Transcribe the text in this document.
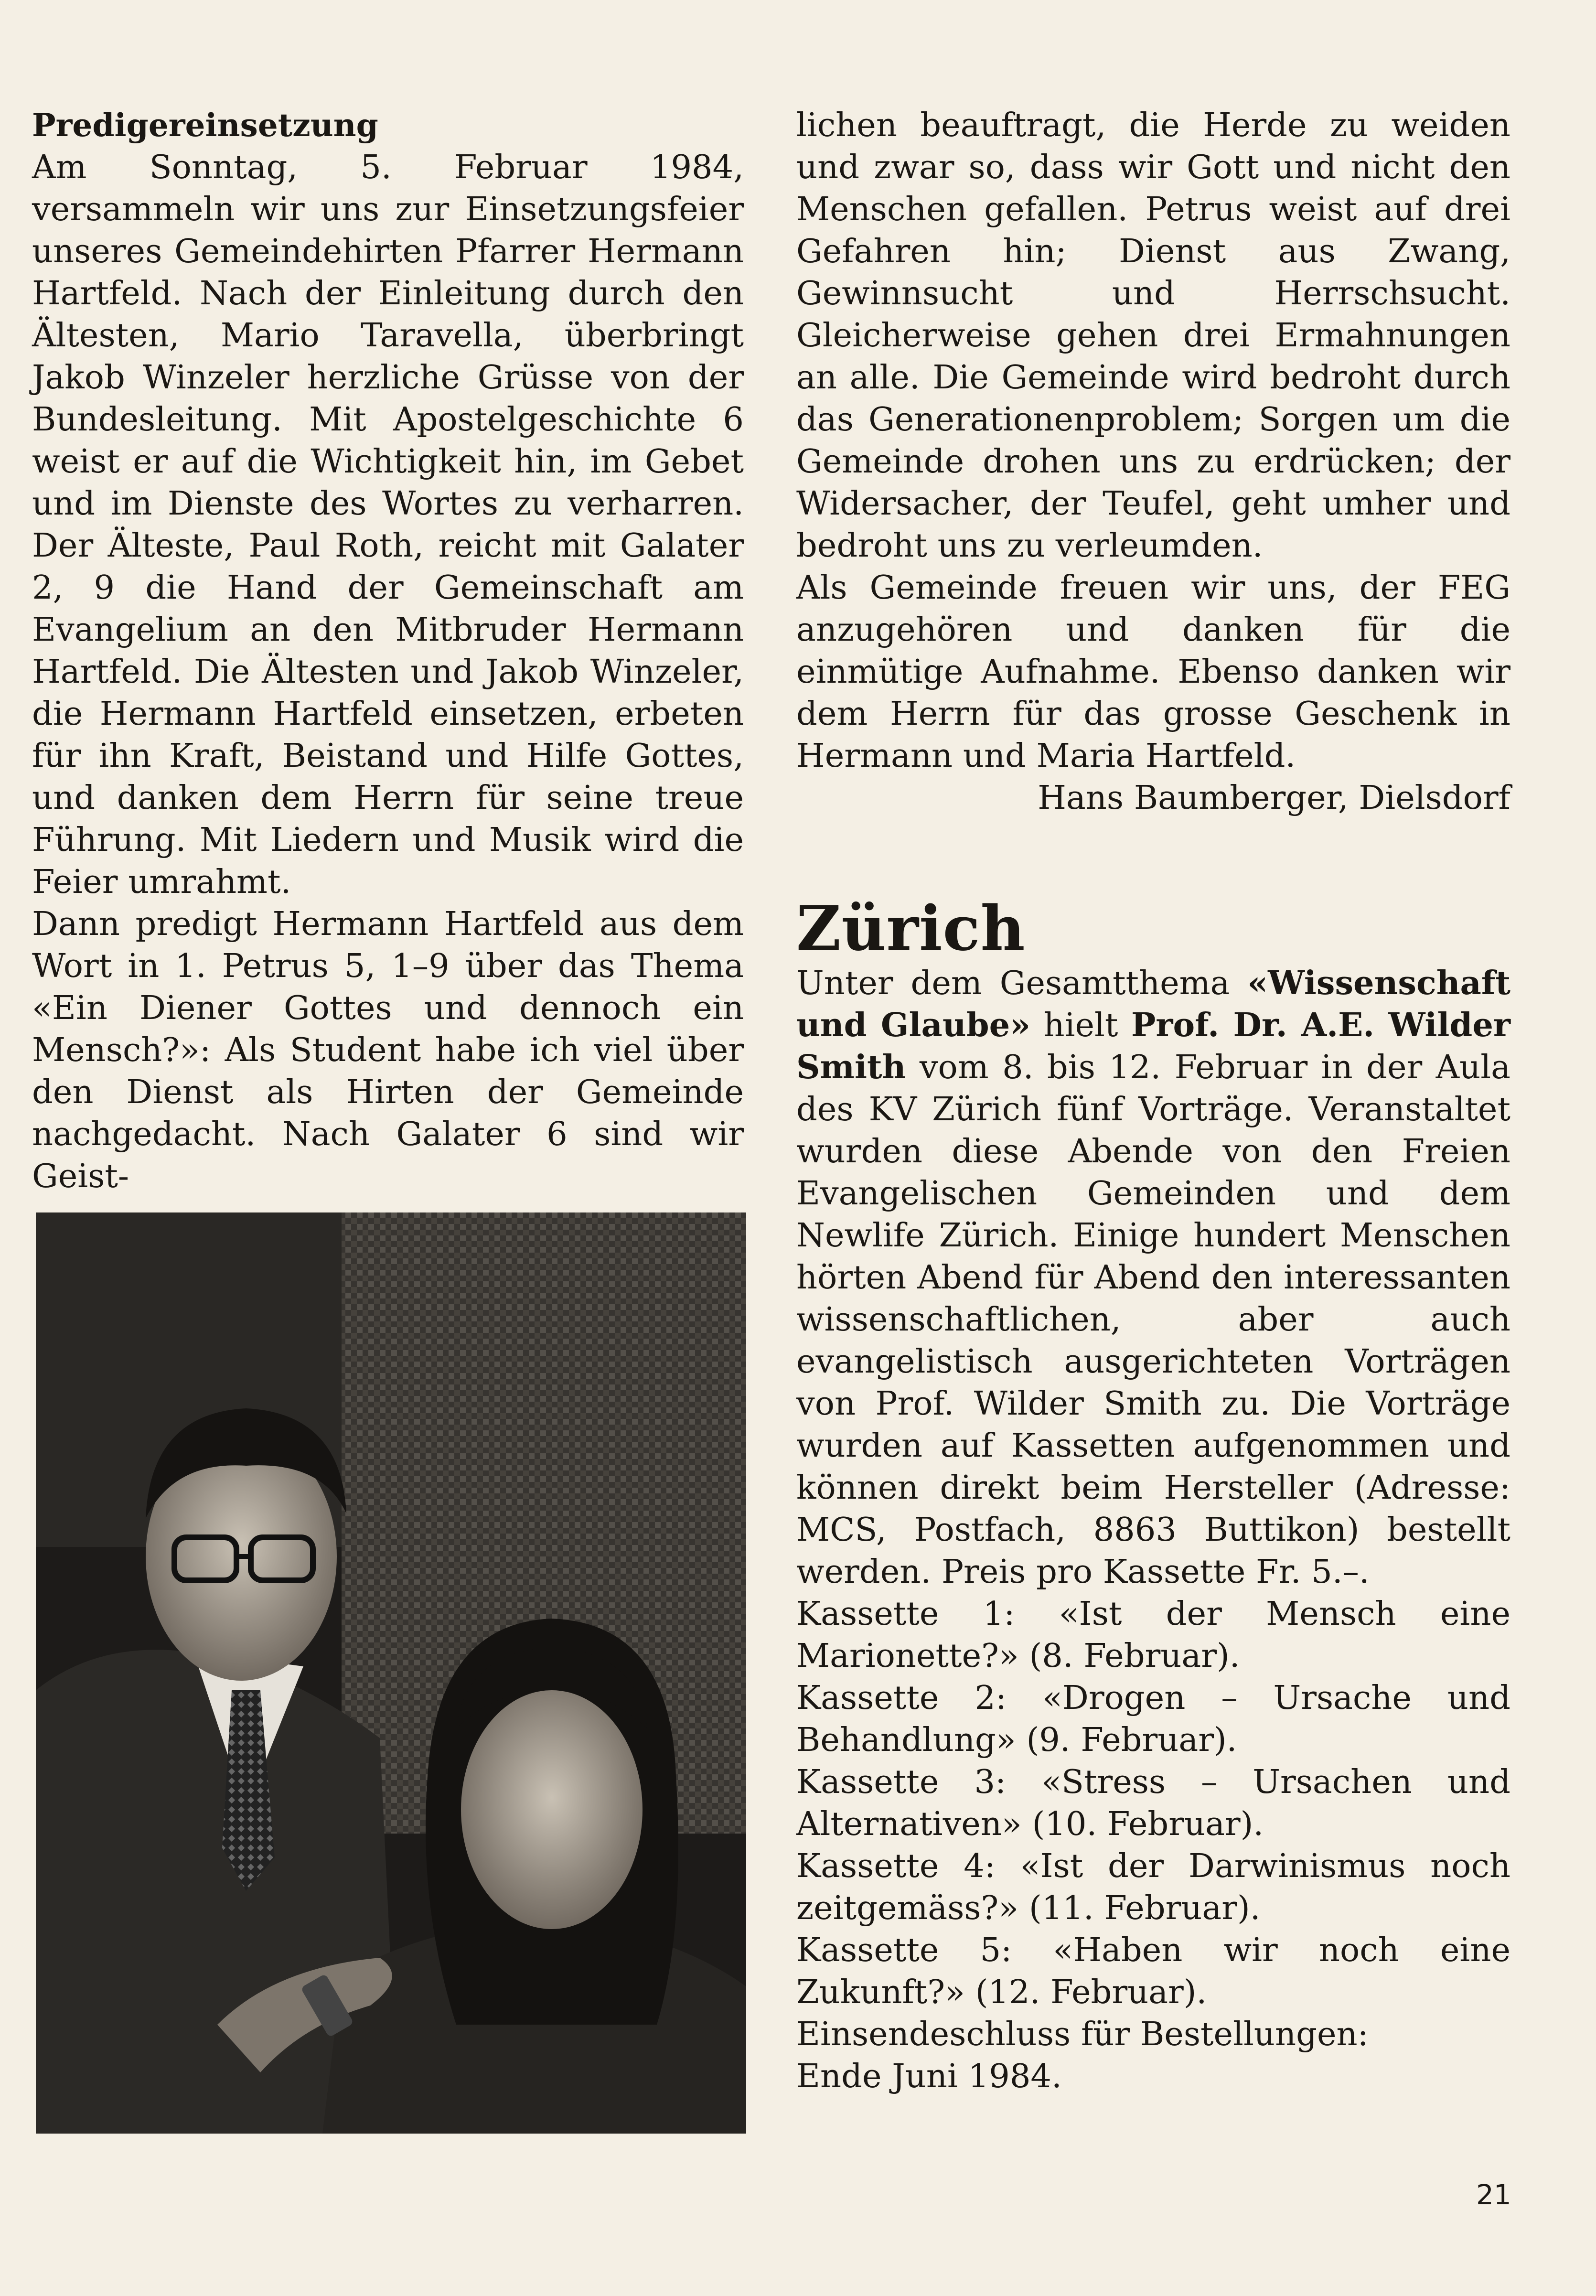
Predigereinsetzung

Am Sonntag, 5. Februar 1984, versammeln wir uns zur Einsetzungsfeier unseres Gemeindehirten Pfarrer Hermann Hartfeld. Nach der Einleitung durch den Ältesten, Mario Taravella, überbringt Jakob Winzeler herzliche Grüsse von der Bundesleitung. Mit Apostelgeschichte 6 weist er auf die Wichtigkeit hin, im Gebet und im Dienste des Wortes zu verharren. Der Älteste, Paul Roth, reicht mit Galater 2, 9 die Hand der Gemeinschaft am Evangelium an den Mitbruder Hermann Hartfeld. Die Ältesten und Jakob Winzeler, die Hermann Hartfeld einsetzen, erbeten für ihn Kraft, Beistand und Hilfe Gottes, und danken dem Herrn für seine treue Führung. Mit Liedern und Musik wird die Feier umrahmt.

Dann predigt Hermann Hartfeld aus dem Wort in 1. Petrus 5, 1–9 über das Thema «Ein Diener Gottes und dennoch ein Mensch?»: Als Student habe ich viel über den Dienst als Hirten der Gemeinde nachgedacht. Nach Galater 6 sind wir Geist-

lichen beauftragt, die Herde zu weiden und zwar so, dass wir Gott und nicht den Menschen gefallen. Petrus weist auf drei Gefahren hin; Dienst aus Zwang, Gewinnsucht und Herrschsucht. Gleicherweise gehen drei Ermahnungen an alle. Die Gemeinde wird bedroht durch das Generationenproblem; Sorgen um die Gemeinde drohen uns zu erdrücken; der Widersacher, der Teufel, geht umher und bedroht uns zu verleumden.

Als Gemeinde freuen wir uns, der FEG anzugehören und danken für die einmütige Aufnahme. Ebenso danken wir dem Herrn für das grosse Geschenk in Hermann und Maria Hartfeld.

Hans Baumberger, Dielsdorf

Zürich

Unter dem Gesamtthema «Wissenschaft und Glaube» hielt Prof. Dr. A.E. Wilder Smith vom 8. bis 12. Februar in der Aula des KV Zürich fünf Vorträge. Veranstaltet wurden diese Abende von den Freien Evangelischen Gemeinden und dem Newlife Zürich. Einige hundert Menschen hörten Abend für Abend den interessanten wissenschaftlichen, aber auch evangelistisch ausgerichteten Vorträgen von Prof. Wilder Smith zu. Die Vorträge wurden auf Kassetten aufgenommen und können direkt beim Hersteller (Adresse: MCS, Postfach, 8863 Buttikon) bestellt werden. Preis pro Kassette Fr. 5.–.

Kassette 1: «Ist der Mensch eine Marionette?» (8. Februar).

Kassette 2: «Drogen – Ursache und Behandlung» (9. Februar).

Kassette 3: «Stress – Ursachen und Alternativen» (10. Februar).

Kassette 4: «Ist der Darwinismus noch zeitgemäss?» (11. Februar).

Kassette 5: «Haben wir noch eine Zukunft?» (12. Februar).

Einsendeschluss für Bestellungen:

Ende Juni 1984.

21
